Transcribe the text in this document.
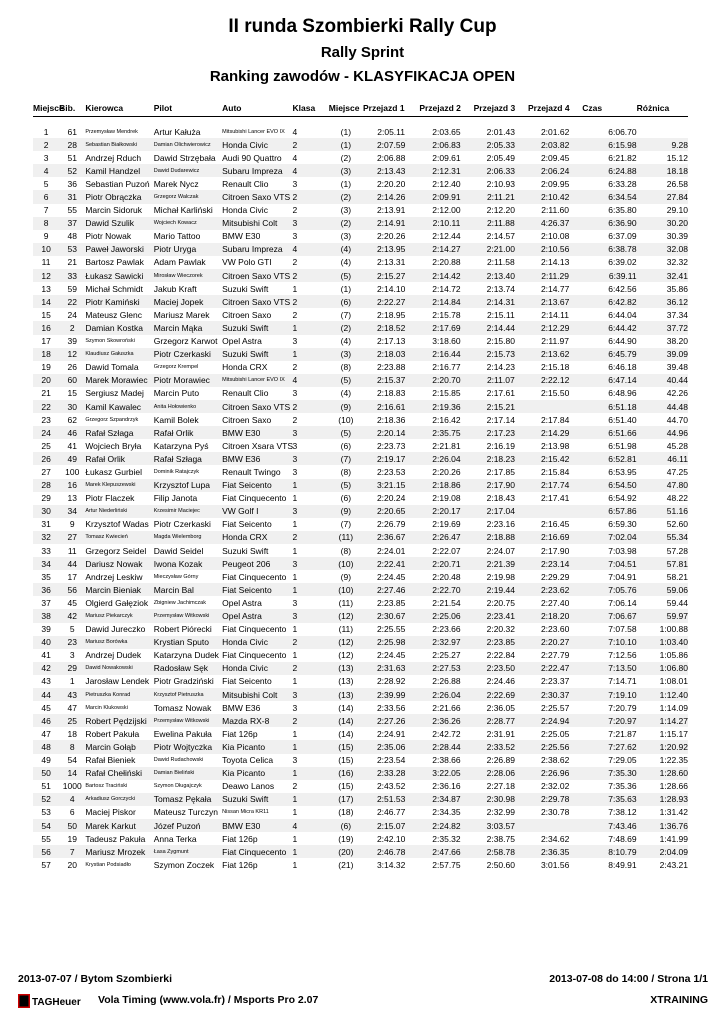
II runda Szombierki Rally Cup
Rally Sprint
Ranking zawodów - KLASYFIKACJA OPEN
Miejsce	Bib.	Kierowca	Pilot	Auto	Klasa	Miejsce	Przejazd 1	Przejazd 2	Przejazd 3	Przejazd 4	Czas	Różnica

1	61	Przemysław Mendrek	Artur Kałuża	Mitsubishi Lancer EVO IX	4	(1)	2:05.11	2:03.65	2:01.43	2:01.62	6:06.70	
2	28	Sebastian Białkowski	Damian Olichwierowicz	Honda Civic	2	(1)	2:07.59	2:06.83	2:05.33	2:03.82	6:15.98	9.28
3	51	Andrzej Rduch	Dawid Strzębała	Audi 90 Quattro	4	(2)	2:06.88	2:09.61	2:05.49	2:09.45	6:21.82	15.12
4	52	Kamil Handzel	Dawid Dudarewicz	Subaru Impreza	4	(3)	2:13.43	2:12.31	2:06.33	2:06.24	6:24.88	18.18
5	36	Sebastian Puzoń	Marek Nycz	Renault Clio	3	(1)	2:20.20	2:12.40	2:10.93	2:09.95	6:33.28	26.58
6	31	Piotr Obrączka	Grzegorz Walczak	Citroen Saxo VTS	2	(2)	2:14.26	2:09.91	2:11.21	2:10.42	6:34.54	27.84
7	55	Marcin Sidoruk	Michał Karliński	Honda Civic	2	(3)	2:13.91	2:12.00	2:12.20	2:11.60	6:35.80	29.10
8	37	Dawid Szulik	Wojciech Kowacz	Mitsubishi Colt	3	(2)	2:14.91	2:10.11	2:11.88	4:26.37	6:36.90	30.20
9	48	Piotr Nowak	Mario Tattoo	BMW E30	3	(3)	2:20.26	2:12.44	2:14.57	2:10.08	6:37.09	30.39
10	53	Paweł Jaworski	Piotr Uryga	Subaru Impreza	4	(4)	2:13.95	2:14.27	2:21.00	2:10.56	6:38.78	32.08
11	21	Bartosz Pawlak	Adam Pawlak	VW Polo GTI	2	(4)	2:13.31	2:20.88	2:11.58	2:14.13	6:39.02	32.32
12	33	Łukasz Sawicki	Mirosław Wieczorek	Citroen Saxo VTS	2	(5)	2:15.27	2:14.42	2:13.40	2:11.29	6:39.11	32.41
13	59	Michał Schmidt	Jakub Kraft	Suzuki Swift	1	(1)	2:14.10	2:14.72	2:13.74	2:14.77	6:42.56	35.86
14	22	Piotr Kamiński	Maciej Jopek	Citroen Saxo VTS	2	(6)	2:22.27	2:14.84	2:14.31	2:13.67	6:42.82	36.12
15	24	Mateusz Glenc	Mariusz Marek	Citroen Saxo	2	(7)	2:18.95	2:15.78	2:15.11	2:14.11	6:44.04	37.34
16	2	Damian Kostka	Marcin Mąka	Suzuki Swift	1	(2)	2:18.52	2:17.69	2:14.44	2:12.29	6:44.42	37.72
17	39	Szymon Skowroński	Grzegorz Karwot	Opel Astra	3	(4)	2:17.13	3:18.60	2:15.80	2:11.97	6:44.90	38.20
18	12	Klaudiusz Gałuszka	Piotr Czerkaski	Suzuki Swift	1	(3)	2:18.03	2:16.44	2:15.73	2:13.62	6:45.79	39.09
19	26	Dawid Tomala	Grzegorz Krempel	Honda CRX	2	(8)	2:23.88	2:16.77	2:14.23	2:15.18	6:46.18	39.48
20	60	Marek Morawiec	Piotr Morawiec	Mitsubishi Lancer EVO IX	4	(5)	2:15.37	2:20.70	2:11.07	2:22.12	6:47.14	40.44
21	15	Sergiusz Madej	Marcin Puto	Renault Clio	3	(4)	2:18.83	2:15.85	2:17.61	2:15.50	6:48.96	42.26
22	30	Kamil Kawalec	Anita Hołowienko	Citroen Saxo VTS	2	(9)	2:16.61	2:19.36	2:15.21		6:51.18	44.48
23	62	Grzegorz Szpandrzyk	Kamil Bolek	Citroen Saxo	2	(10)	2:18.36	2:16.42	2:17.14	2:17.84	6:51.40	44.70
24	46	Rafał Szłaga	Rafał Orlik	BMW E30	3	(5)	2:20.14	2:35.75	2:17.23	2:14.29	6:51.66	44.96
25	41	Wojciech Bryła	Katarzyna Pyś	Citroen Xsara VTS	3	(6)	2:23.73	2:21.81	2:16.19	2:13.98	6:51.98	45.28
26	49	Rafał Orlik	Rafał Szłaga	BMW E36	3	(7)	2:19.17	2:26.04	2:18.23	2:15.42	6:52.81	46.11
27	100	Łukasz Gurbiel	Dominik Ratajczyk	Renault Twingo	3	(8)	2:23.53	2:20.26	2:17.85	2:15.84	6:53.95	47.25
28	16	Marek Klepuszewski	Krzysztof Lupa	Fiat Seicento	1	(5)	3:21.15	2:18.86	2:17.90	2:17.74	6:54.50	47.80
29	13	Piotr Flaczek	Filip Janota	Fiat Cinquecento	1	(6)	2:20.24	2:19.08	2:18.43	2:17.41	6:54.92	48.22
30	34	Artur Niederliński	Krzesimir Maciejec	VW Golf I	3	(9)	2:20.65	2:20.17	2:17.04		6:57.86	51.16
31	9	Krzysztof Wadas	Piotr Czerkaski	Fiat Seicento	1	(7)	2:26.79	2:19.69	2:23.16	2:16.45	6:59.30	52.60
32	27	Tomasz Kwiecień	Magda Wielemborg	Honda CRX	2	(11)	2:36.67	2:26.47	2:18.88	2:16.69	7:02.04	55.34
33	11	Grzegorz Seidel	Dawid Seidel	Suzuki Swift	1	(8)	2:24.01	2:22.07	2:24.07	2:17.90	7:03.98	57.28
34	44	Dariusz Nowak	Iwona Kozak	Peugeot 206	3	(10)	2:22.41	2:20.71	2:21.39	2:23.14	7:04.51	57.81
35	17	Andrzej Leskiw	Mieczysław Górny	Fiat Cinquecento	1	(9)	2:24.45	2:20.48	2:19.98	2:29.29	7:04.91	58.21
36	56	Marcin Bieniak	Marcin Bal	Fiat Seicento	1	(10)	2:27.46	2:22.70	2:19.44	2:23.62	7:05.76	59.06
37	45	Olgierd Gałęziok	Zbigniew Jachimczak	Opel Astra	3	(11)	2:23.85	2:21.54	2:20.75	2:27.40	7:06.14	59.44
38	42	Mariusz Piekarczyk	Przemysław Witkowski	Opel Astra	3	(12)	2:30.67	2:25.06	2:23.41	2:18.20	7:06.67	59.97
39	5	Dawid Jureczko	Robert Piórecki	Fiat Cinquecento	1	(11)	2:25.55	2:23.66	2:20.32	2:23.60	7:07.58	1:00.88
40	23	Mariusz Borówka	Krystian Sputo	Honda Civic	2	(12)	2:25.98	2:32.97	2:23.85	2:20.27	7:10.10	1:03.40
41	3	Andrzej Dudek	Katarzyna Dudek	Fiat Cinquecento	1	(12)	2:24.45	2:25.27	2:22.84	2:27.79	7:12.56	1:05.86
42	29	Dawid Nowakowski	Radosław Sęk	Honda Civic	2	(13)	2:31.63	2:27.53	2:23.50	2:22.47	7:13.50	1:06.80
43	1	Jarosław Lendek	Piotr Gradziński	Fiat Seicento	1	(13)	2:28.92	2:26.88	2:24.46	2:23.37	7:14.71	1:08.01
44	43	Pietruszka Konrad	Krzysztof Pietruszka	Mitsubishi Colt	3	(13)	2:39.99	2:26.04	2:22.69	2:30.37	7:19.10	1:12.40
45	47	Marcin Klukowski	Tomasz Nowak	BMW E36	3	(14)	2:33.56	2:21.66	2:36.05	2:25.57	7:20.79	1:14.09
46	25	Robert Pędzijski	Przemysław Witkowski	Mazda RX-8	2	(14)	2:27.26	2:36.26	2:28.77	2:24.94	7:20.97	1:14.27
47	18	Robert Pakuła	Ewelina Pakuła	Fiat 126p	1	(14)	2:24.91	2:42.72	2:31.91	2:25.05	7:21.87	1:15.17
48	8	Marcin Gołąb	Piotr Wojtyczka	Kia Picanto	1	(15)	2:35.06	2:28.44	2:33.52	2:25.56	7:27.62	1:20.92
49	54	Rafał Bieniek	Dawid Rudachowski	Toyota Celica	3	(15)	2:23.54	2:38.66	2:26.89	2:38.62	7:29.05	1:22.35
50	14	Rafał Chełiński	Damian Bieliński	Kia Picanto	1	(16)	2:33.28	3:22.05	2:28.06	2:26.96	7:35.30	1:28.60
51	1000	Bartosz Traciński	Szymon Długajczyk	Deawo Lanos	2	(15)	2:43.52	2:36.16	2:27.18	2:32.02	7:35.36	1:28.66
52	4	Arkadiusz Gorczycki	Tomasz Pękała	Suzuki Swift	1	(17)	2:51.53	2:34.87	2:30.98	2:29.78	7:35.63	1:28.93
53	6	Maciej Piskor	Mateusz Turczyn	Nissan Micra KR11	1	(18)	2:46.77	2:34.35	2:32.99	2:30.78	7:38.12	1:31.42
54	50	Marek Karkut	Józef Puzoń	BMW E30	4	(6)	2:15.07	2:24.82	3:03.57		7:43.46	1:36.76
55	19	Tadeusz Pakuła	Anna Terka	Fiat 126p	1	(19)	2:42.10	2:35.32	2:38.75	2:34.62	7:48.69	1:41.99
56	7	Mariusz Mrozek	Łasa Zygmunt	Fiat Cinquecento	1	(20)	2:46.78	2:47.66	2:58.78	2:36.35	8:10.79	2:04.09
57	20	Krystian Podsiadło	Szymon Zoczek	Fiat 126p	1	(21)	3:14.32	2:57.75	2:50.60	3:01.56	8:49.91	2:43.21
2013-07-07 / Bytom Szombierki	2013-07-08 do 14:00 / Strona 1/1
TAGHeuer Vola Timing (www.vola.fr) / Msports Pro 2.07	XTRAINING
